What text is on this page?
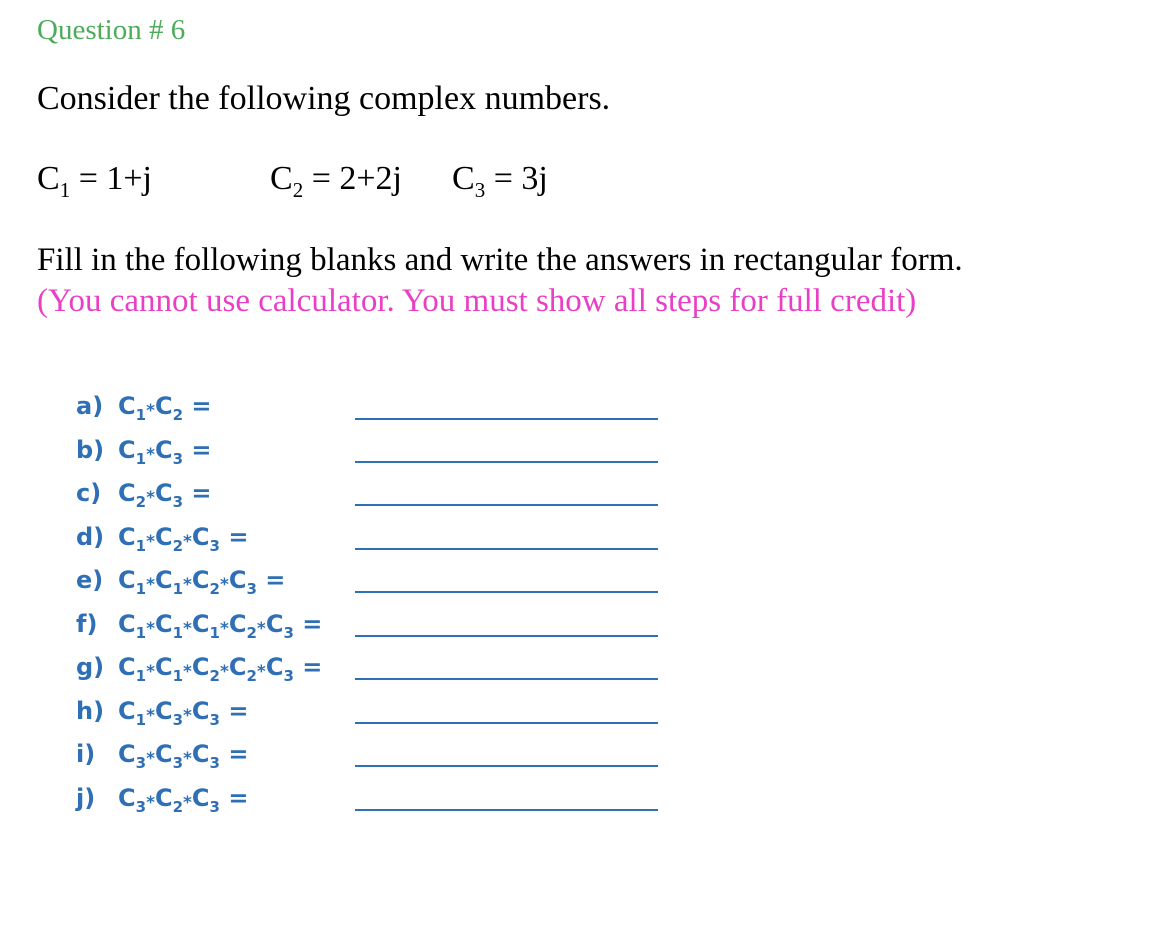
Question # 6
Consider the following complex numbers.
$C_1 = 1+j$	$C_2 = 2+2j$ $C_3 = 3j$
Fill in the following blanks and write the answers in rectangular form.
(You cannot use calculator. You must show all steps for full credit)
a) $C_1*C_2$ =
b) $C_1*C_3$ =
c) $C_2*C_3$ =
d) $C_1*C_2*C_3$ =
e) $C_1*C_1*C_2*C_3$ =
f) $C_1*C_1*C_1*C_2*C_3$ =
g) $C_1*C_1*C_2*C_2*C_3$ =
h) $C_1*C_3*C_3$ =
i) $C_3*C_3*C_3$ =
j) $C_3*C_2*C_3$ =
